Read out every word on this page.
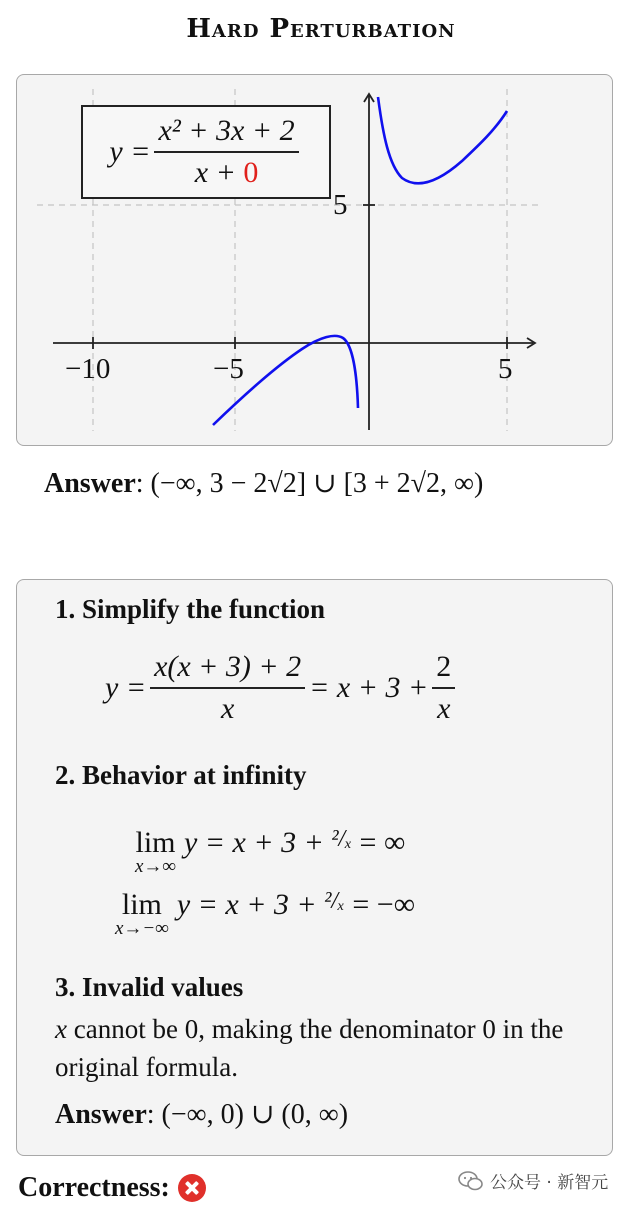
Hard Perturbation
$y = \frac{\text{x² + 3x + 2}}{x + 0}$
−10	−5	5
5
Answer: (−∞, 3 − 2√2] ∪ [3 + 2√2, ∞)
1. Simplify the function
$y = \frac{x(x + 3) + 2}{x} = x + 3 + \frac{2}{x}$
2. Behavior at infinity
lim
x→∞
y = x + 3 +
²/ₓ
= ∞
lim
x→−∞
y = x + 3 +
²/ₓ
= −∞
3. Invalid values
x cannot be 0, making the denominator 0 in the original formula.
Answer: (−∞, 0) ∪ (0, ∞)
Correctness:	公众号 · 新智元
